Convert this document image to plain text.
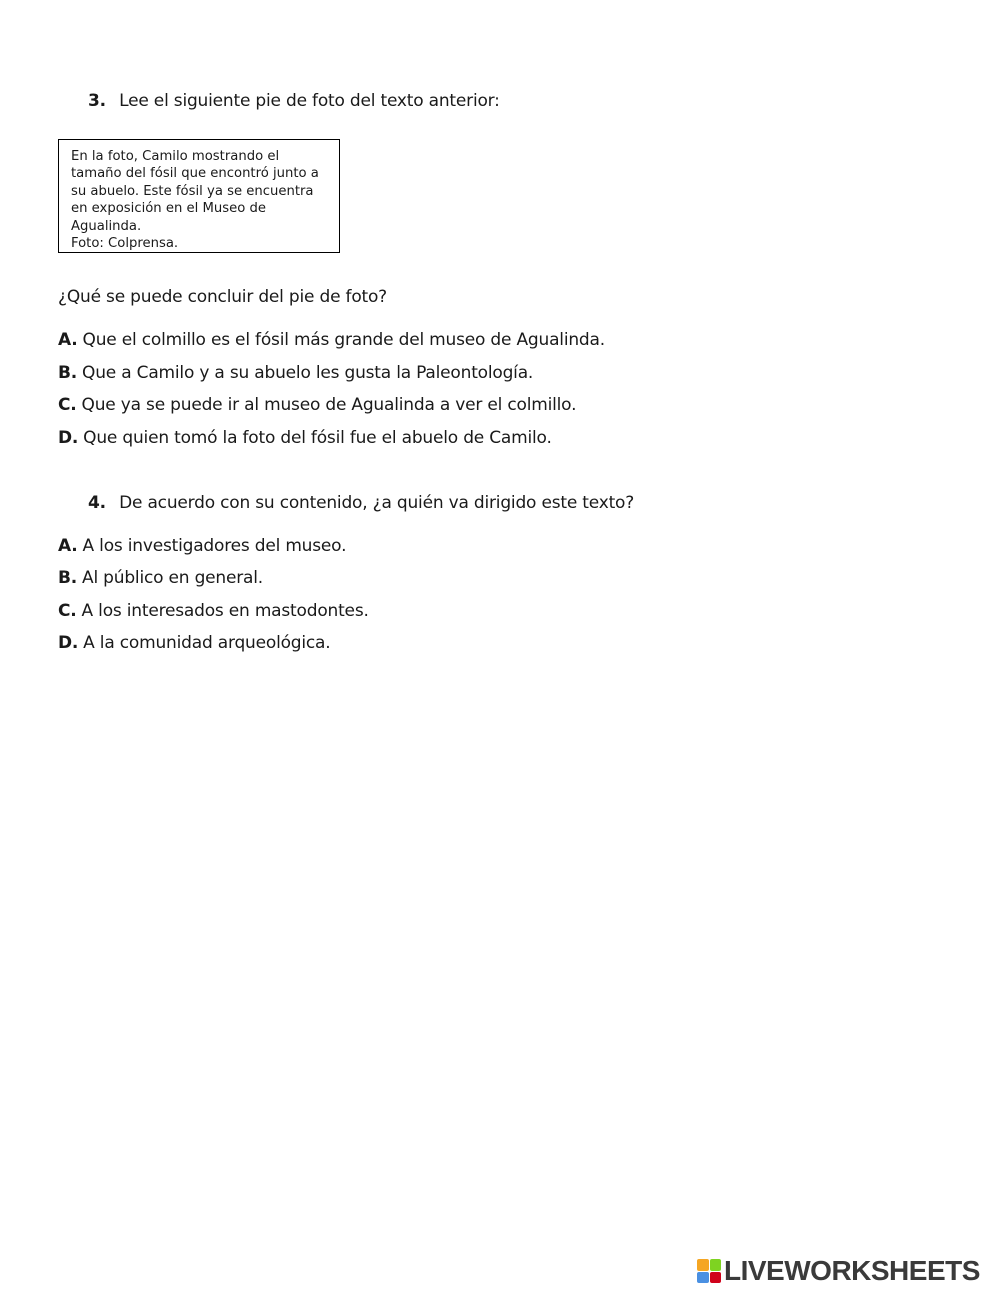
3. Lee el siguiente pie de foto del texto anterior:
En la foto, Camilo mostrando el
tamaño del fósil que encontró junto a
su abuelo. Este fósil ya se encuentra
en exposición en el Museo de
Agualinda.
Foto: Colprensa.
¿Qué se puede concluir del pie de foto?
A. Que el colmillo es el fósil más grande del museo de Agualinda.
B. Que a Camilo y a su abuelo les gusta la Paleontología.
C. Que ya se puede ir al museo de Agualinda a ver el colmillo.
D. Que quien tomó la foto del fósil fue el abuelo de Camilo.
4. De acuerdo con su contenido, ¿a quién va dirigido este texto?
A. A los investigadores del museo.
B. Al público en general.
C. A los interesados en mastodontes.
D. A la comunidad arqueológica.
LIVEWORKSHEETS
